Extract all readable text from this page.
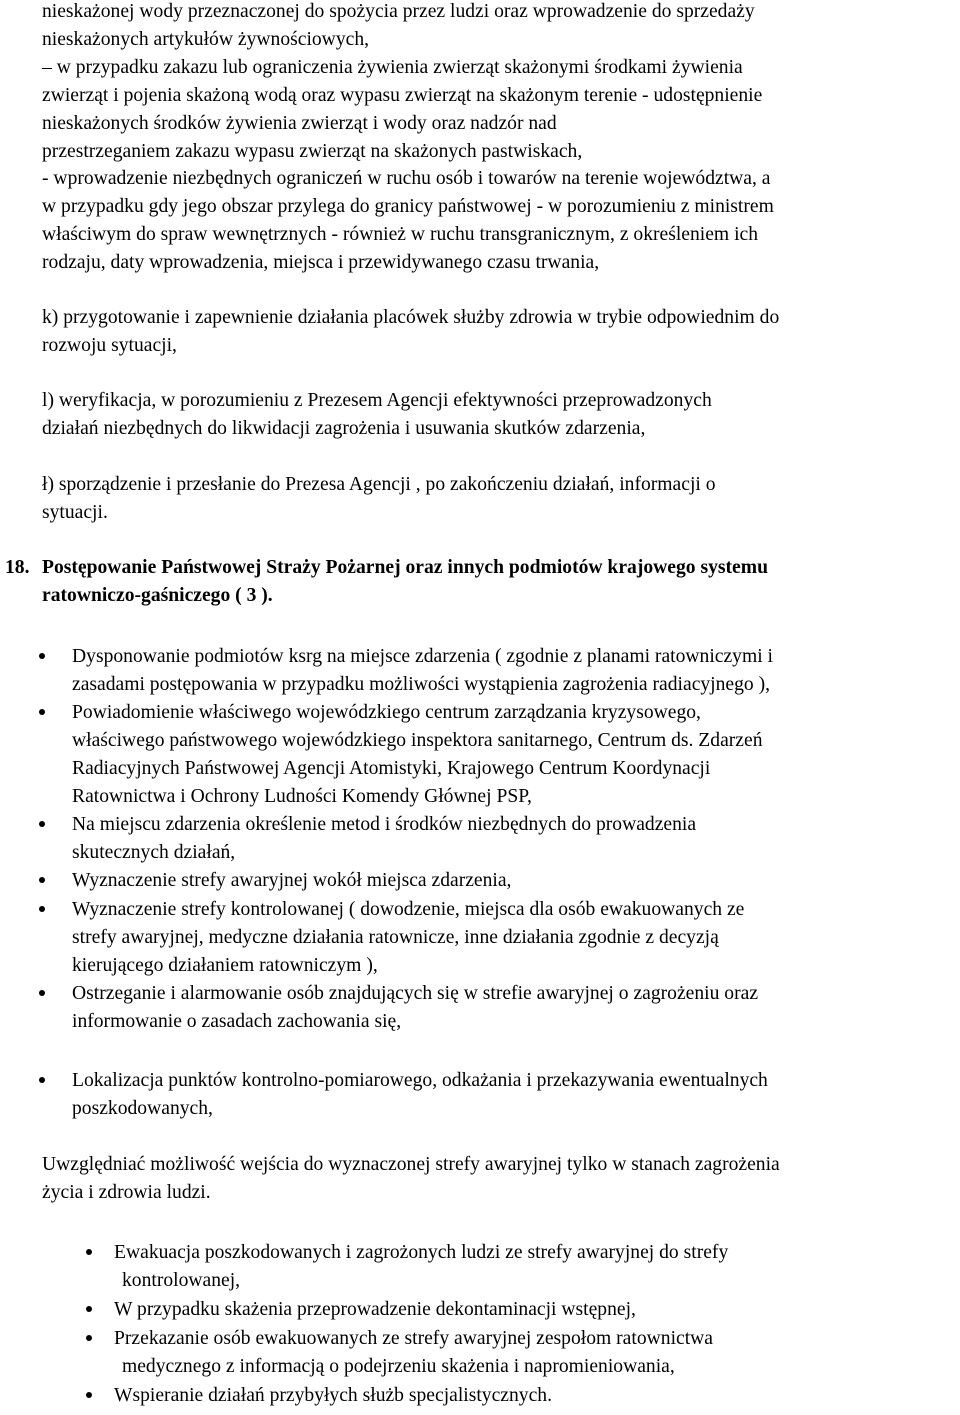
nieskażonej wody przeznaczonej do spożycia przez ludzi oraz wprowadzenie do sprzedaży
nieskażonych artykułów żywnościowych,
– w przypadku zakazu lub ograniczenia żywienia zwierząt skażonymi środkami żywienia
zwierząt i pojenia skażoną wodą oraz wypasu zwierząt na skażonym terenie - udostępnienie
nieskażonych środków żywienia zwierząt i wody oraz nadzór nad
przestrzeganiem zakazu wypasu zwierząt na skażonych pastwiskach,
- wprowadzenie niezbędnych ograniczeń w ruchu osób i towarów na terenie województwa, a
w przypadku gdy jego obszar przylega do granicy państwowej - w porozumieniu z ministrem
właściwym do spraw wewnętrznych - również w ruchu transgranicznym, z określeniem ich
rodzaju, daty wprowadzenia, miejsca i przewidywanego czasu trwania,
k) przygotowanie i zapewnienie działania placówek służby zdrowia w trybie odpowiednim do
rozwoju sytuacji,
l) weryfikacja, w porozumieniu z Prezesem Agencji efektywności przeprowadzonych
działań niezbędnych do likwidacji zagrożenia i usuwania skutków zdarzenia,
ł) sporządzenie i przesłanie do Prezesa Agencji , po zakończeniu działań, informacji o
sytuacji.
18. Postępowanie Państwowej Straży Pożarnej oraz innych podmiotów krajowego systemu
ratowniczo-gaśniczego ( 3 ).
Dysponowanie podmiotów ksrg na miejsce zdarzenia ( zgodnie z planami ratowniczymi i
zasadami postępowania w przypadku możliwości wystąpienia zagrożenia radiacyjnego ),
Powiadomienie właściwego wojewódzkiego centrum zarządzania kryzysowego,
właściwego państwowego wojewódzkiego inspektora sanitarnego, Centrum ds. Zdarzeń
Radiacyjnych Państwowej Agencji Atomistyki, Krajowego Centrum Koordynacji
Ratownictwa i Ochrony Ludności Komendy Głównej PSP,
Na miejscu zdarzenia określenie metod i środków niezbędnych do prowadzenia
skutecznych działań,
Wyznaczenie strefy awaryjnej wokół miejsca zdarzenia,
Wyznaczenie strefy kontrolowanej ( dowodzenie, miejsca dla osób ewakuowanych ze
strefy awaryjnej, medyczne działania ratownicze, inne działania zgodnie z decyzją
kierującego działaniem ratowniczym ),
Ostrzeganie i alarmowanie osób znajdujących się w strefie awaryjnej o zagrożeniu oraz
informowanie o zasadach zachowania się,
Lokalizacja punktów kontrolno-pomiarowego, odkażania i przekazywania ewentualnych
poszkodowanych,
Uwzględniać możliwość wejścia do wyznaczonej strefy awaryjnej tylko w stanach zagrożenia
życia i zdrowia ludzi.
Ewakuacja poszkodowanych i zagrożonych ludzi ze strefy awaryjnej do strefy
kontrolowanej,
W przypadku skażenia przeprowadzenie dekontaminacji wstępnej,
Przekazanie osób ewakuowanych ze strefy awaryjnej zespołom ratownictwa
medycznego z informacją o podejrzeniu skażenia i napromieniowania,
Wspieranie działań przybyłych służb specjalistycznych.
